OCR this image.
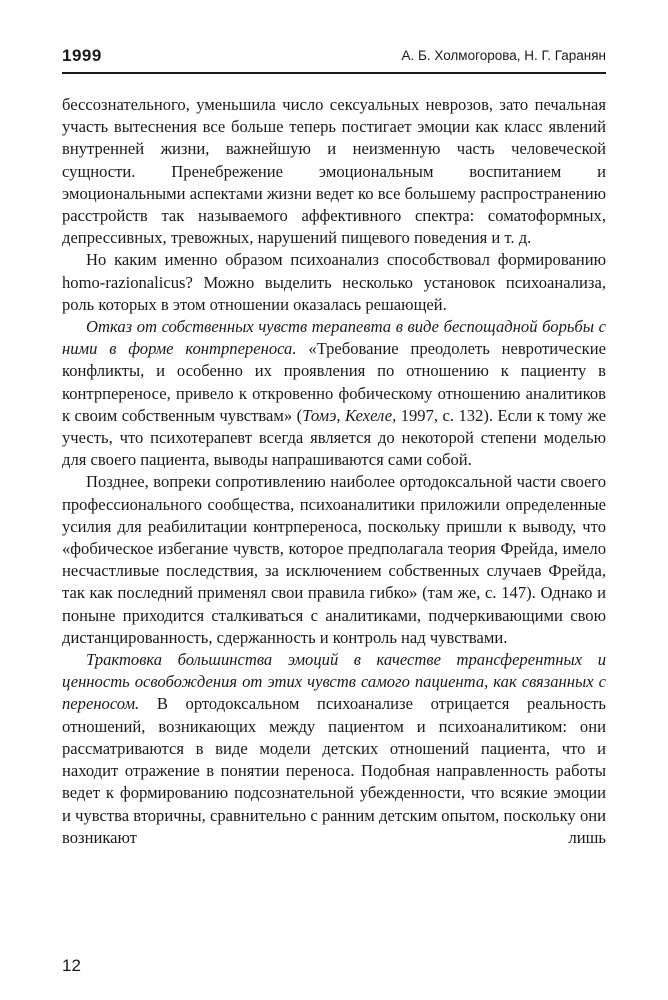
1999	А. Б. Холмогорова, Н. Г. Гаранян

бессознательного, уменьшила число сексуальных неврозов, зато печальная участь вытеснения все больше теперь постигает эмоции как класс явлений внутренней жизни, важнейшую и неизменную часть человеческой сущности. Пренебрежение эмоциональным воспитанием и эмоциональными аспектами жизни ведет ко все большему распространению расстройств так называемого аффективного спектра: соматоформных, депрессивных, тревожных, нарушений пищевого поведения и т. д.

Но каким именно образом психоанализ способствовал формированию homo-razionalicus? Можно выделить несколько установок психоанализа, роль которых в этом отношении оказалась решающей.

Отказ от собственных чувств терапевта в виде беспощадной борьбы с ними в форме контрпереноса. «Требование преодолеть невротические конфликты, и особенно их проявления по отношению к пациенту в контрпереносе, привело к откровенно фобическому отношению аналитиков к своим собственным чувствам» (Томэ, Кехеле, 1997, с. 132). Если к тому же учесть, что психотерапевт всегда является до некоторой степени моделью для своего пациента, выводы напрашиваются сами собой.

Позднее, вопреки сопротивлению наиболее ортодоксальной части своего профессионального сообщества, психоаналитики приложили определенные усилия для реабилитации контрпереноса, поскольку пришли к выводу, что «фобическое избегание чувств, которое предполагала теория Фрейда, имело несчастливые последствия, за исключением собственных случаев Фрейда, так как последний применял свои правила гибко» (там же, с. 147). Однако и поныне приходится сталкиваться с аналитиками, подчеркивающими свою дистанцированность, сдержанность и контроль над чувствами.

Трактовка большинства эмоций в качестве трансферентных и ценность освобождения от этих чувств самого пациента, как связанных с переносом. В ортодоксальном психоанализе отрицается реальность отношений, возникающих между пациентом и психоаналитиком: они рассматриваются в виде модели детских отношений пациента, что и находит отражение в понятии переноса. Подобная направленность работы ведет к формированию подсознательной убежденности, что всякие эмоции и чувства вторичны, сравнительно с ранним детским опытом, поскольку они возникают лишь

12
